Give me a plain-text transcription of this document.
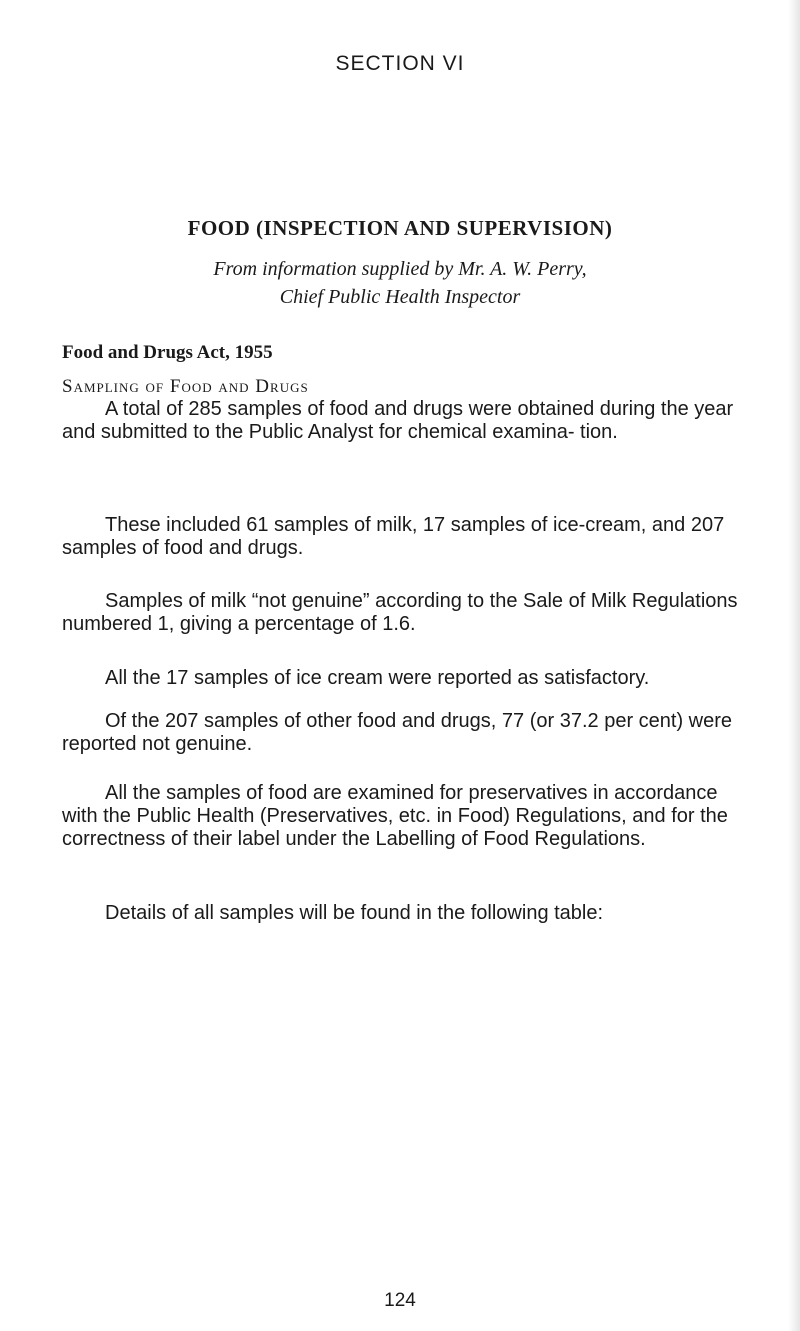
SECTION VI
FOOD (INSPECTION AND SUPERVISION)
From information supplied by Mr. A. W. Perry,
Chief Public Health Inspector
Food and Drugs Act, 1955
Sampling of Food and Drugs
A total of 285 samples of food and drugs were obtained during the year and submitted to the Public Analyst for chemical examina- tion.
These included 61 samples of milk, 17 samples of ice-cream, and 207 samples of food and drugs.
Samples of milk “not genuine” according to the Sale of Milk Regulations numbered 1, giving a percentage of 1.6.
All the 17 samples of ice cream were reported as satisfactory.
Of the 207 samples of other food and drugs, 77 (or 37.2 per cent) were reported not genuine.
All the samples of food are examined for preservatives in accordance with the Public Health (Preservatives, etc. in Food) Regulations, and for the correctness of their label under the Labelling of Food Regulations.
Details of all samples will be found in the following table:
124
